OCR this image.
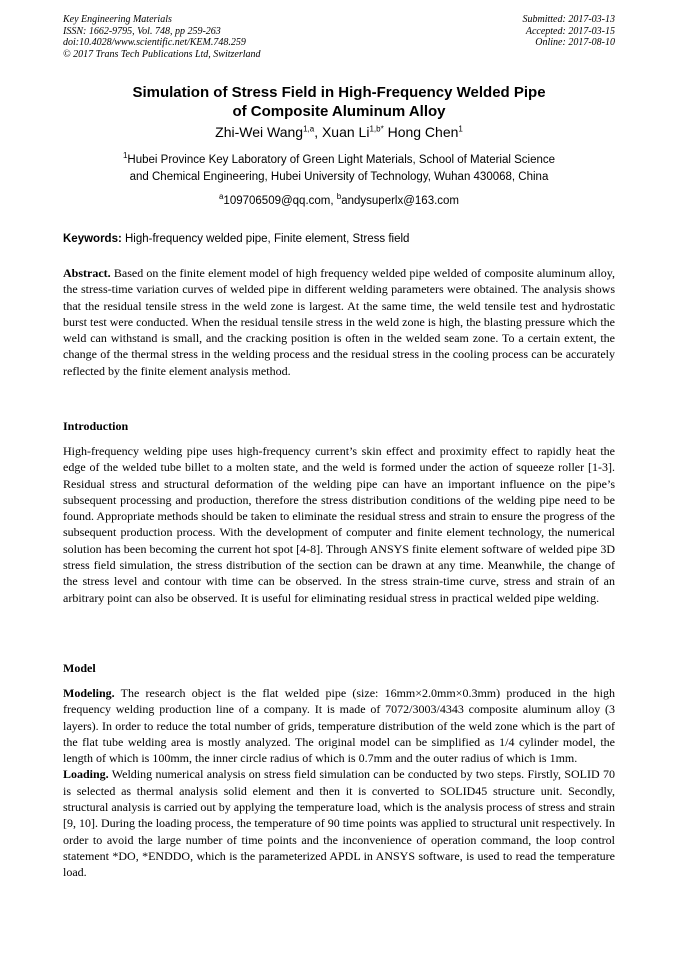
Key Engineering Materials
ISSN: 1662-9795, Vol. 748, pp 259-263
doi:10.4028/www.scientific.net/KEM.748.259
© 2017 Trans Tech Publications Ltd, Switzerland
Submitted: 2017-03-13
Accepted: 2017-03-15
Online: 2017-08-10
Simulation of Stress Field in High-Frequency Welded Pipe
of Composite Aluminum Alloy
Zhi-Wei Wang$^{1,a}$, Xuan $Li^{1,b*}$ Hong Chen$^1$
$^1$Hubei Province Key Laboratory of Green Light Materials, School of Material Science
and Chemical Engineering, Hubei University of Technology, Wuhan 430068, China
$^a$109706509@qq.com, $^b$andysuperlx@163.com
Keywords: High-frequency welded pipe, Finite element, Stress field

Abstract. Based on the finite element model of high frequency welded pipe welded of composite aluminum alloy, the stress-time variation curves of welded pipe in different welding parameters were obtained. The analysis shows that the residual tensile stress in the weld zone is largest. At the same time, the weld tensile test and hydrostatic burst test were conducted. When the residual tensile stress in the weld zone is high, the blasting pressure which the weld can withstand is small, and the cracking position is often in the welded seam zone. To a certain extent, the change of the thermal stress in the welding process and the residual stress in the cooling process can be accurately reflected by the finite element analysis method.

Introduction

High-frequency welding pipe uses high-frequency current’s skin effect and proximity effect to rapidly heat the edge of the welded tube billet to a molten state, and the weld is formed under the action of squeeze roller [1-3]. Residual stress and structural deformation of the welding pipe can have an important influence on the pipe’s subsequent processing and production, therefore the stress distribution conditions of the welding pipe need to be found. Appropriate methods should be taken to eliminate the residual stress and strain to ensure the progress of the subsequent production process. With the development of computer and finite element technology, the numerical solution has been becoming the current hot spot [4-8]. Through ANSYS finite element software of welded pipe 3D stress field simulation, the stress distribution of the section can be drawn at any time. Meanwhile, the change of the stress level and contour with time can be observed. In the stress strain-time curve, stress and strain of an arbitrary point can also be observed. It is useful for eliminating residual stress in practical welded pipe welding.

Model

Modeling. The research object is the flat welded pipe (size: 16mm×2.0mm×0.3mm) produced in the high frequency welding production line of a company. It is made of 7072/3003/4343 composite aluminum alloy (3 layers). In order to reduce the total number of grids, temperature distribution of the weld zone which is the part of the flat tube welding area is mostly analyzed. The original model can be simplified as 1/4 cylinder model, the length of which is 100mm, the inner circle radius of which is 0.7mm and the outer radius of which is 1mm.

Loading. Welding numerical analysis on stress field simulation can be conducted by two steps. Firstly, SOLID 70 is selected as thermal analysis solid element and then it is converted to SOLID45 structure unit. Secondly, structural analysis is carried out by applying the temperature load, which is the analysis process of stress and strain [9, 10]. During the loading process, the temperature of 90 time points was applied to structural unit respectively. In order to avoid the large number of time points and the inconvenience of operation command, the loop control statement *DO, *ENDDO, which is the parameterized APDL in ANSYS software, is used to read the temperature load.
